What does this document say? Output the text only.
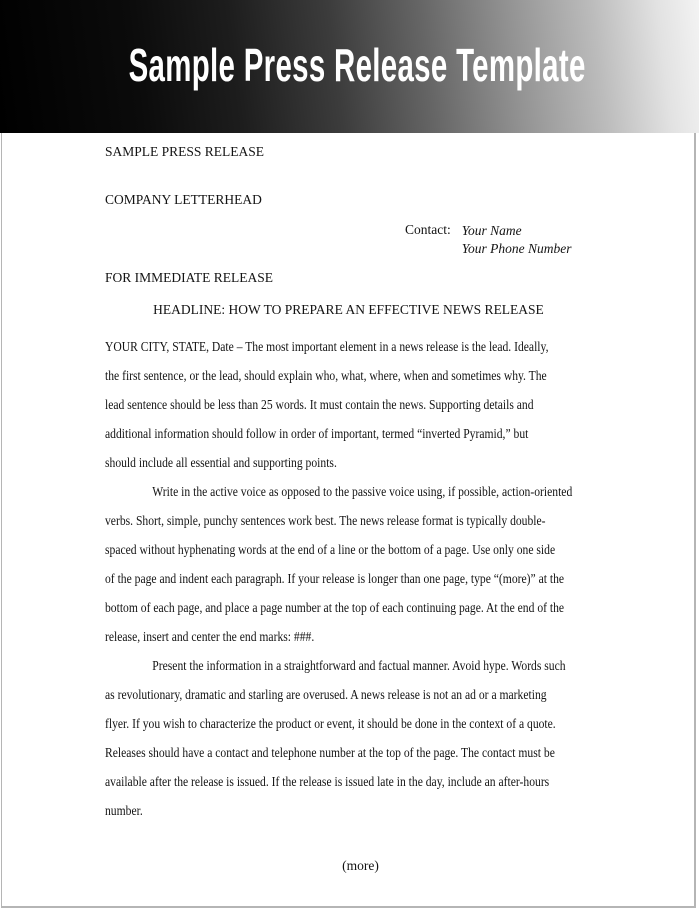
Sample Press Release Template
SAMPLE PRESS RELEASE
COMPANY LETTERHEAD
Contact: Your Name
Your Phone Number
FOR IMMEDIATE RELEASE
HEADLINE: HOW TO PREPARE AN EFFECTIVE NEWS RELEASE
YOUR CITY, STATE, Date – The most important element in a news release is the lead. Ideally,
the first sentence, or the lead, should explain who, what, where, when and sometimes why. The
lead sentence should be less than 25 words. It must contain the news. Supporting details and
additional information should follow in order of important, termed “inverted Pyramid,” but
should include all essential and supporting points.
Write in the active voice as opposed to the passive voice using, if possible, action-oriented
verbs. Short, simple, punchy sentences work best. The news release format is typically double-
spaced without hyphenating words at the end of a line or the bottom of a page. Use only one side
of the page and indent each paragraph. If your release is longer than one page, type “(more)” at the
bottom of each page, and place a page number at the top of each continuing page. At the end of the
release, insert and center the end marks: ###.
Present the information in a straightforward and factual manner. Avoid hype. Words such
as revolutionary, dramatic and starling are overused. A news release is not an ad or a marketing
flyer. If you wish to characterize the product or event, it should be done in the context of a quote.
Releases should have a contact and telephone number at the top of the page. The contact must be
available after the release is issued. If the release is issued late in the day, include an after-hours
number.
(more)
